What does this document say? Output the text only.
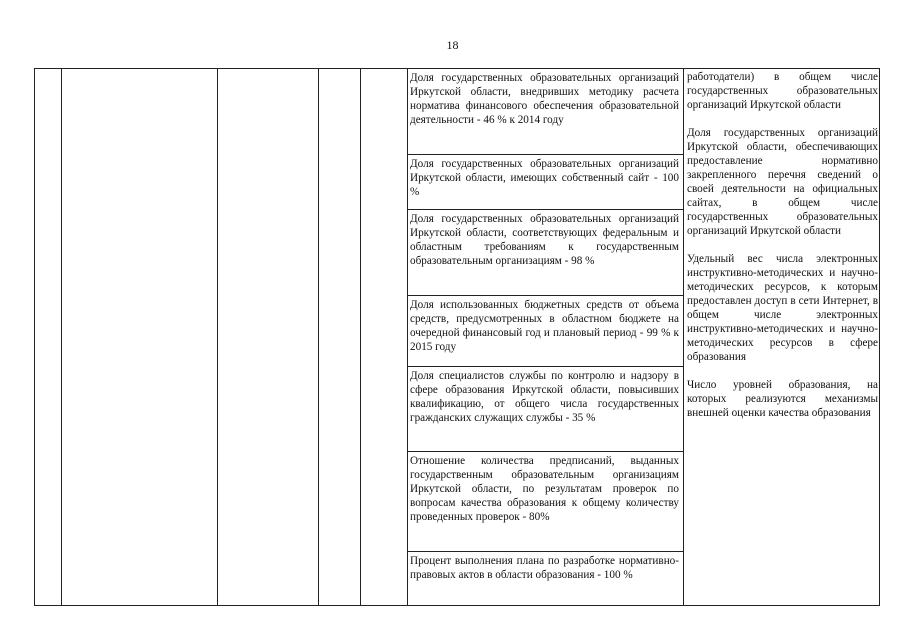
18
Доля государственных образовательных организаций Иркутской области, внедривших методику расчета норматива финансового обеспечения образовательной деятельности - 46 % к 2014 году
Доля государственных образовательных организаций Иркутской области, имеющих собственный сайт - 100 %
Доля государственных образовательных организаций Иркутской области, соответствующих федеральным и областным требованиям к государственным образовательным организациям - 98 %
Доля использованных бюджетных средств от объема средств, предусмотренных в областном бюджете на очередной финансовый год и плановый период - 99 % к 2015 году
Доля специалистов службы по контролю и надзору в сфере образования Иркутской области, повысивших квалификацию, от общего числа государственных гражданских служащих службы - 35 %
Отношение количества предписаний, выданных государственным образовательным организациям Иркутской области, по результатам проверок по вопросам качества образования к общему количеству проведенных проверок - 80%
Процент выполнения плана по разработке нормативно-правовых актов в области образования - 100 %

работодатели) в общем числе государственных образовательных организаций Иркутской области

Доля государственных организаций Иркутской области, обеспечивающих предоставление нормативно закрепленного перечня сведений о своей деятельности на официальных сайтах, в общем числе государственных образовательных организаций Иркутской области

Удельный вес числа электронных инструктивно-методических и научно-методических ресурсов, к которым предоставлен доступ в сети Интернет, в общем числе электронных инструктивно-методических и научно-методических ресурсов в сфере образования

Число уровней образования, на которых реализуются механизмы внешней оценки качества образования
